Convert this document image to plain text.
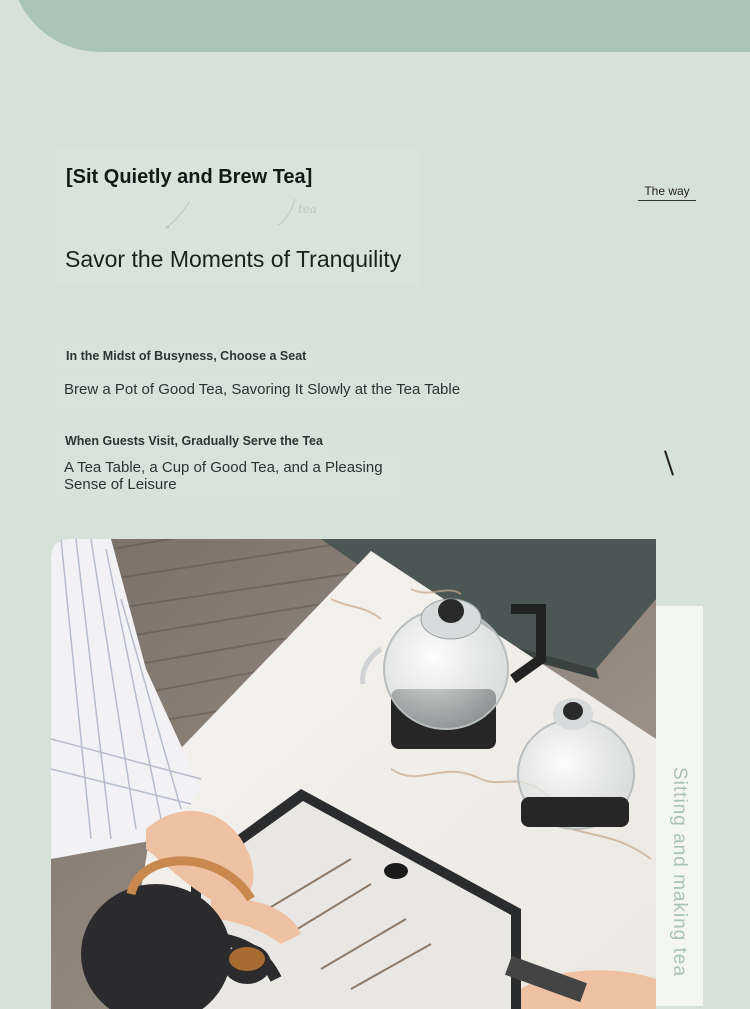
[Sit Quietly and Brew Tea]
tea
The way
Savor the Moments of Tranquility
In the Midst of Busyness, Choose a Seat
Brew a Pot of Good Tea, Savoring It Slowly at the Tea Table
When Guests Visit, Gradually Serve the Tea
A Tea Table, a Cup of Good Tea, and a Pleasing Sense of Leisure
Sitting and making tea
